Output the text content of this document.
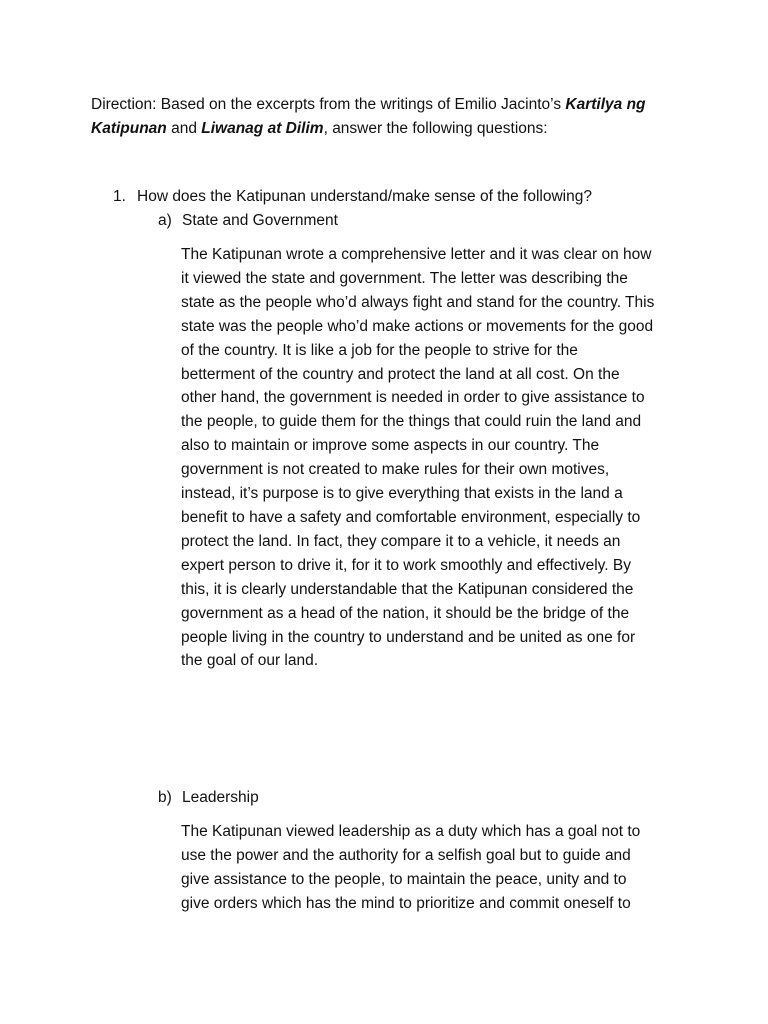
Direction: Based on the excerpts from the writings of Emilio Jacinto’s Kartilya ng
Katipunan and Liwanag at Dilim, answer the following questions:
1. How does the Katipunan understand/make sense of the following?
a) State and Government

The Katipunan wrote a comprehensive letter and it was clear on how
it viewed the state and government. The letter was describing the
state as the people who’d always fight and stand for the country. This
state was the people who’d make actions or movements for the good
of the country. It is like a job for the people to strive for the
betterment of the country and protect the land at all cost. On the
other hand, the government is needed in order to give assistance to
the people, to guide them for the things that could ruin the land and
also to maintain or improve some aspects in our country. The
government is not created to make rules for their own motives,
instead, it’s purpose is to give everything that exists in the land a
benefit to have a safety and comfortable environment, especially to
protect the land. In fact, they compare it to a vehicle, it needs an
expert person to drive it, for it to work smoothly and effectively. By
this, it is clearly understandable that the Katipunan considered the
government as a head of the nation, it should be the bridge of the
people living in the country to understand and be united as one for
the goal of our land.

b) Leadership

The Katipunan viewed leadership as a duty which has a goal not to
use the power and the authority for a selfish goal but to guide and
give assistance to the people, to maintain the peace, unity and to
give orders which has the mind to prioritize and commit oneself to
